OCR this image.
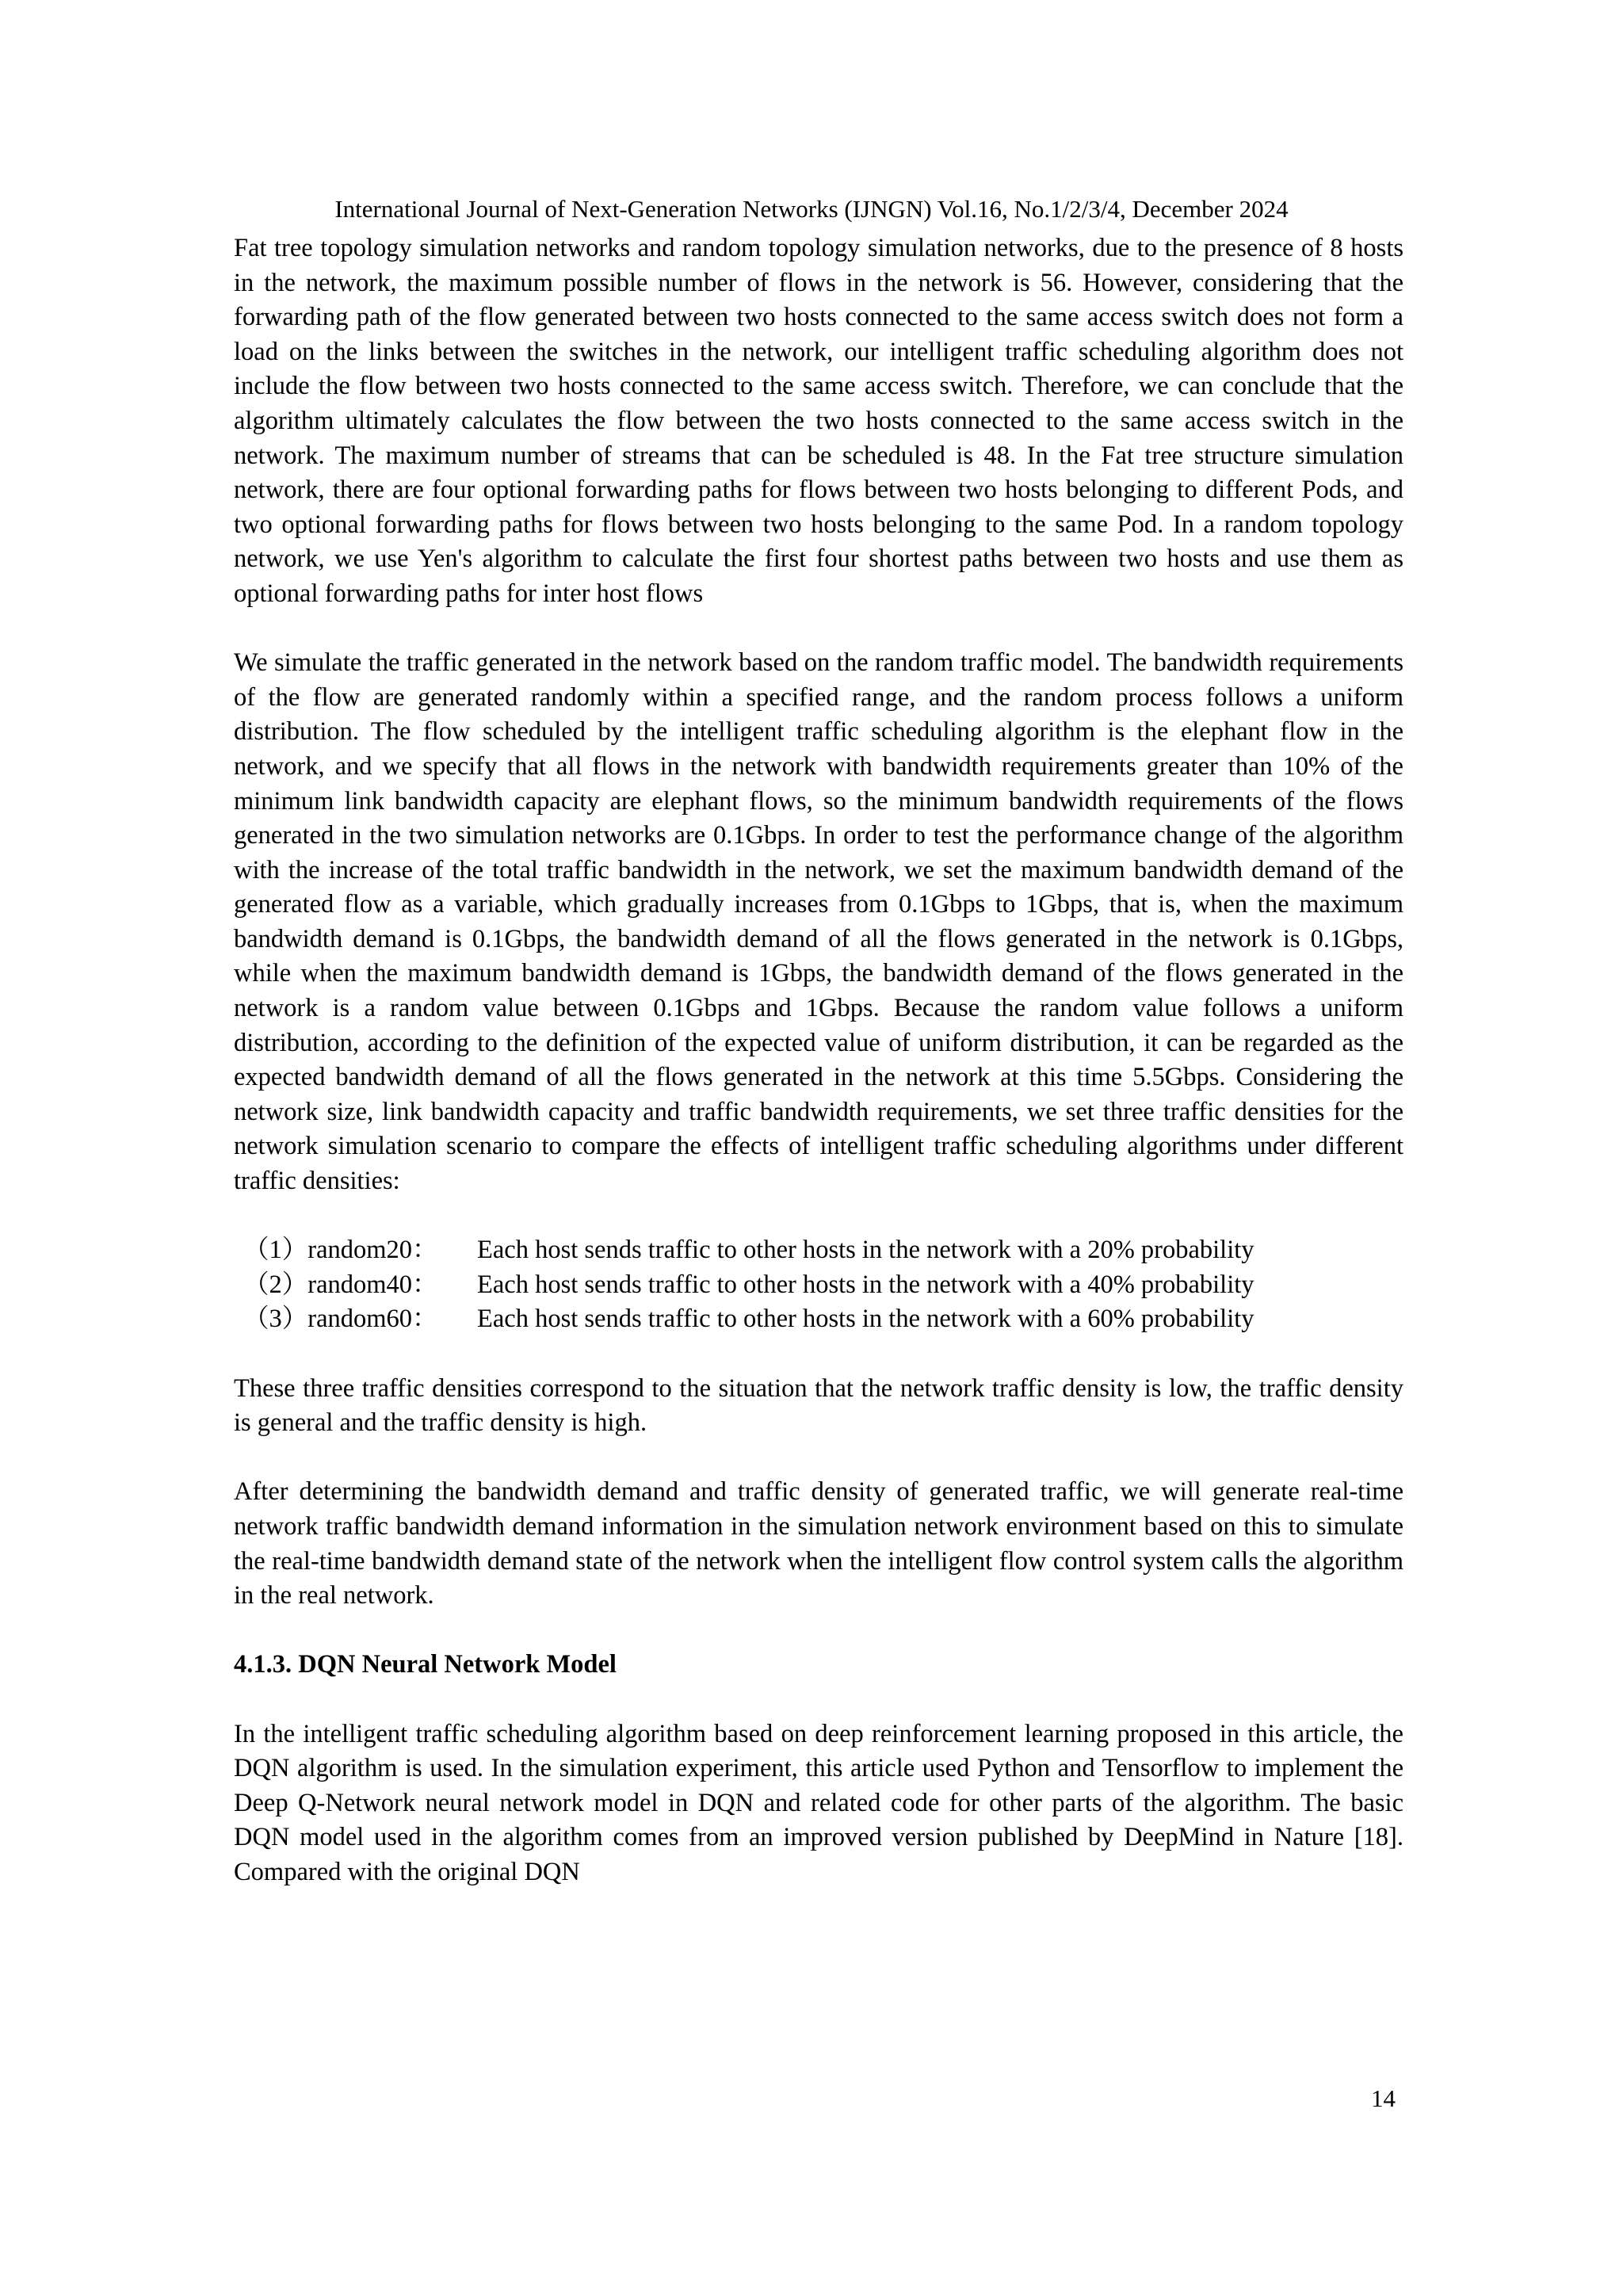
International Journal of Next-Generation Networks (IJNGN) Vol.16, No.1/2/3/4, December 2024

Fat tree topology simulation networks and random topology simulation networks, due to the presence of 8 hosts in the network, the maximum possible number of flows in the network is 56. However, considering that the forwarding path of the flow generated between two hosts connected to the same access switch does not form a load on the links between the switches in the network, our intelligent traffic scheduling algorithm does not include the flow between two hosts connected to the same access switch. Therefore, we can conclude that the algorithm ultimately calculates the flow between the two hosts connected to the same access switch in the network. The maximum number of streams that can be scheduled is 48. In the Fat tree structure simulation network, there are four optional forwarding paths for flows between two hosts belonging to different Pods, and two optional forwarding paths for flows between two hosts belonging to the same Pod. In a random topology network, we use Yen's algorithm to calculate the first four shortest paths between two hosts and use them as optional forwarding paths for inter host flows

We simulate the traffic generated in the network based on the random traffic model. The bandwidth requirements of the flow are generated randomly within a specified range, and the random process follows a uniform distribution. The flow scheduled by the intelligent traffic scheduling algorithm is the elephant flow in the network, and we specify that all flows in the network with bandwidth requirements greater than 10% of the minimum link bandwidth capacity are elephant flows, so the minimum bandwidth requirements of the flows generated in the two simulation networks are 0.1Gbps. In order to test the performance change of the algorithm with the increase of the total traffic bandwidth in the network, we set the maximum bandwidth demand of the generated flow as a variable, which gradually increases from 0.1Gbps to 1Gbps, that is, when the maximum bandwidth demand is 0.1Gbps, the bandwidth demand of all the flows generated in the network is 0.1Gbps, while when the maximum bandwidth demand is 1Gbps, the bandwidth demand of the flows generated in the network is a random value between 0.1Gbps and 1Gbps. Because the random value follows a uniform distribution, according to the definition of the expected value of uniform distribution, it can be regarded as the expected bandwidth demand of all the flows generated in the network at this time 5.5Gbps. Considering the network size, link bandwidth capacity and traffic bandwidth requirements, we set three traffic densities for the network simulation scenario to compare the effects of intelligent traffic scheduling algorithms under different traffic densities:

（1）random20：	Each host sends traffic to other hosts in the network with a 20% probability
（2）random40：	Each host sends traffic to other hosts in the network with a 40% probability
（3）random60：	Each host sends traffic to other hosts in the network with a 60% probability

These three traffic densities correspond to the situation that the network traffic density is low, the traffic density is general and the traffic density is high.

After determining the bandwidth demand and traffic density of generated traffic, we will generate real-time network traffic bandwidth demand information in the simulation network environment based on this to simulate the real-time bandwidth demand state of the network when the intelligent flow control system calls the algorithm in the real network.

4.1.3. DQN Neural Network Model

In the intelligent traffic scheduling algorithm based on deep reinforcement learning proposed in this article, the DQN algorithm is used. In the simulation experiment, this article used Python and Tensorflow to implement the Deep Q-Network neural network model in DQN and related code for other parts of the algorithm. The basic DQN model used in the algorithm comes from an improved version published by DeepMind in Nature [18]. Compared with the original DQN

14
